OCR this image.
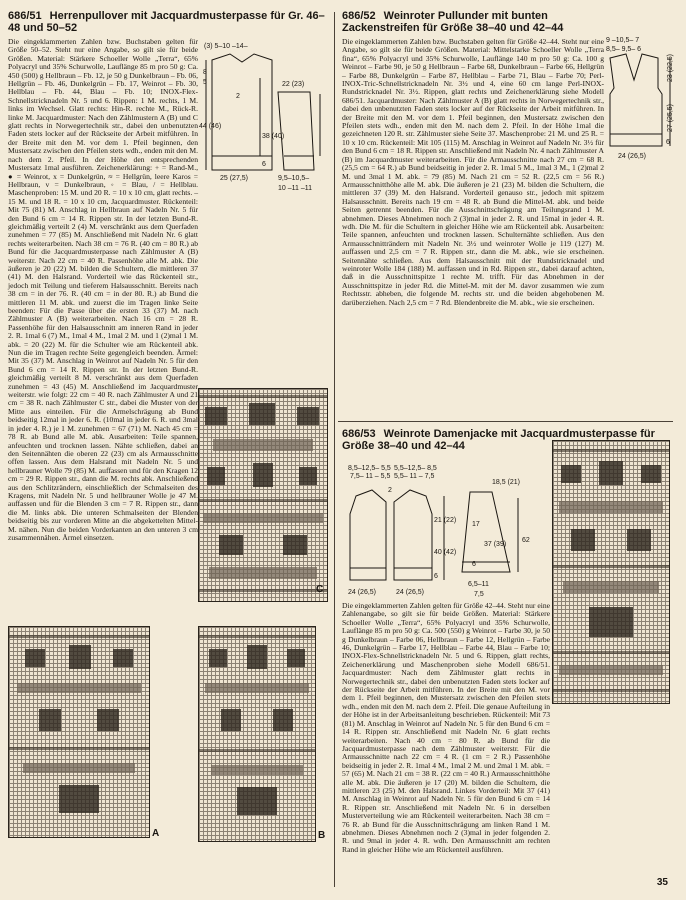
686/51 Herrenpullover mit Jacquardmusterpasse für Gr. 46–48 und 50–52

Die eingeklammerten Zahlen bzw. Buchstaben gelten für Größe 50–52. Steht nur eine Angabe, so gilt sie für beide Größen. Material: Stärkere Schoeller Wolle „Terra“, 65% Polyacryl und 35% Schurwolle, Lauflänge 85 m pro 50 g: Ca. 450 (500) g Hellbraun – Fb. 12, je 50 g Dunkelbraun – Fb. 06, Hellgrün – Fb. 46, Dunkelgrün – Fb. 17, Weinrot – Fb. 30, Hellblau – Fb. 44, Blau – Fb. 10; INOX-Flex-Schnellstricknadeln Nr. 5 und 6. Rippen: 1 M. rechts, 1 M. links im Wechsel. Glatt rechts: Hin-R. rechte M., Rück-R. linke M. Jacquardmuster: Nach den Zählmustern A (B) und C glatt rechts in Norwegertechnik str., dabei den unbenutzten Faden stets locker auf der Rückseite der Arbeit mitführen. In der Breite mit den M. vor dem 1. Pfeil beginnen, den Mustersatz zwischen den Pfeilen stets wdh., enden mit den M. nach dem 2. Pfeil. In der Höhe den entsprechenden Mustersatz 1mal ausführen. Zeichenerklärung: + = Rand-M., ● = Weinrot, x = Dunkelgrün, ≈ = Hellgrün, leere Karos = Hellbraun, v = Dunkelbraun, ◦ = Blau, / = Hellblau. Maschenproben: 15 M. und 20 R. = 10 x 10 cm, glatt rechts. – 15 M. und 18 R. = 10 x 10 cm, Jacquardmuster. Rückenteil: Mit 75 (81) M. Anschlag in Hellbraun auf Nadeln Nr. 5 für den Bund 6 cm = 14 R. Rippen str. In der letzten Bund-R. gleichmäßig verteilt 2 (4) M. verschränkt aus dem Querfaden zunehmen = 77 (85) M. Anschließend mit Nadeln Nr. 6 glatt rechts weiterarbeiten. Nach 38 cm = 76 R. (40 cm = 80 R.) ab Bund für die Jacquardmusterpasse nach Zählmuster A (B) weiterstr. Nach 22 cm = 40 R. Passenhöhe alle M. abk. Die äußeren je 20 (22) M. bilden die Schultern, die mittleren 37 (41) M. den Halsrand. Vorderteil wie das Rückenteil str., jedoch mit Teilung und tieferem Halsausschnitt. Bereits nach 38 cm = in der 76. R. (40 cm = in der 80. R.) ab Bund die mittleren 11 M. abk. und zuerst die im Tragen linke Seite beenden: Für die Passe über die ersten 33 (37) M. nach Zählmuster A (B) weiterarbeiten. Nach 16 cm = 28 R. Passenhöhe für den Halsausschnitt am inneren Rand in jeder 2. R. 1mal 6 (7) M., 1mal 4 M., 1mal 2 M. und 1 (2)mal 1 M. abk. = 20 (22) M. für die Schulter wie am Rückenteil abk. Nun die im Tragen rechte Seite gegengleich beenden. Ärmel: Mit 35 (37) M. Anschlag in Weinrot auf Nadeln Nr. 5 für den Bund 6 cm = 14 R. Rippen str. In der letzten Bund-R. gleichmäßig verteilt 8 M. verschränkt aus dem Querfaden zunehmen = 43 (45) M. Anschließend im Jacquardmuster weiterstr. wie folgt: 22 cm = 40 R. nach Zählmuster A und 21 cm = 38 R. nach Zählmuster C str., dabei die Muster von der Mitte aus einteilen. Für die Armelschrägung ab Bund beidseitig 12mal in jeder 6. R. (10mal in jeder 6. R. und 3mal in jeder 4. R.) je 1 M. zunehmen = 67 (71) M. Nach 45 cm = 78 R. ab Bund alle M. abk. Ausarbeiten: Teile spannen, anfeuchten und trocknen lassen. Nähte schließen, dabei an den Seitennähten die oberen 22 (23) cm als Armausschnitte offen lassen. Aus dem Halsrand mit Nadeln Nr. 5 und hellbrauner Wolle 79 (85) M. auffassen und für den Kragen 12 cm = 29 R. Rippen str., dann die M. rechts abk. Anschließend aus den Schlitzrändern, einschließlich der Schmalseiten des Kragens, mit Nadeln Nr. 5 und hellbrauner Wolle je 47 M. auffassen und für die Blenden 3 cm = 7 R. Rippen str., dann die M. links abk. Die unteren Schmalseiten der Blenden beidseitig bis zur vorderen Mitte an die abgekettelten Mittel-M. nähen. Nun die beiden Vorderkanten an den unteren 3 cm zusammennähen. Ärmel einsetzen.

(3) 5–10 –14–
8
5	22 (23)
2
38 (40)
44 (46)
6
25 (27,5)	9,5–10,5–
10 –11 –11
C
A	B
686/52 Weinroter Pullunder mit bunten Zackenstreifen für Größe 38–40 und 42–44

Die eingeklammerten Zahlen bzw. Buchstaben gelten für Größe 42–44. Steht nur eine Angabe, so gilt sie für beide Größen. Material: Mittelstarke Schoeller Wolle „Terra fina“, 65% Polyacryl und 35% Schurwolle, Lauflänge 140 m pro 50 g: Ca. 100 g Weinrot – Farbe 90, je 50 g Hellbraun – Farbe 68, Dunkelbraun – Farbe 66, Hellgrün – Farbe 88, Dunkelgrün – Farbe 87, Hellblau – Farbe 71, Blau – Farbe 70; Perl-INOX-Tric-Schnellstricknadeln Nr. 3½ und 4, eine 60 cm lange Perl-INOX-Rundstricknadel Nr. 3½. Rippen, glatt rechts und Zeichenerklärung siehe Modell 686/51. Jacquardmuster: Nach Zählmuster A (B) glatt rechts in Norwegertechnik str., dabei den unbenutzten Faden stets locker auf der Rückseite der Arbeit mitführen. In der Breite mit den M. vor dem 1. Pfeil beginnen, den Mustersatz zwischen den Pfeilen stets wdh., enden mit den M. nach dem 2. Pfeil. In der Höhe 1mal die gezeichneten 120 R. str. Zählmuster siehe Seite 37. Maschenprobe: 21 M. und 25 R. = 10 x 10 cm. Rückenteil: Mit 105 (115) M. Anschlag in Weinrot auf Nadeln Nr. 3½ für den Bund 6 cm = 18 R. Rippen str. Anschließend mit Nadeln Nr. 4 nach Zählmuster A (B) im Jacquardmuster weiterarbeiten. Für die Armausschnitte nach 27 cm = 68 R. (25,5 cm = 64 R.) ab Bund beidseitig in jeder 2. R. 1mal 5 M., 1mal 3 M., 1 (2)mal 2 M. und 3mal 1 M. abk. = 79 (85) M. Nach 21 cm = 52 R. (22,5 cm = 56 R.) Armausschnitthöhe alle M. abk. Die äußeren je 21 (23) M. bilden die Schultern, die mittleren 37 (39) M. den Halsrand. Vorderteil genauso str., jedoch mit spitzem Halsausschnitt. Bereits nach 19 cm = 48 R. ab Bund die Mittel-M. abk. und beide Seiten getrennt beenden. Für die Ausschnittschrägung am Teilungsrand 1 M. abnehmen. Dieses Abnehmen noch 2 (3)mal in jeder 2. R. und 15mal in jeder 4. R. wdh. Die M. für die Schultern in gleicher Höhe wie am Rückenteil abk. Ausarbeiten: Teile spannen, anfeuchten und trocknen lassen. Schulternähte schließen. Aus den Armausschnitträndern mit Nadeln Nr. 3½ und weinroter Wolle je 119 (127) M. auffassen und 2,5 cm = 7 R. Rippen str., dann die M. abk., wie sie erscheinen. Seitennähte schließen. Aus dem Halsausschnitt mit der Rundstricknadel und weinroter Wolle 184 (188) M. auffassen und in Rd. Rippen str., dabei darauf achten, daß in die Ausschnittspitze 1 rechte M. trifft. Für das Abnehmen in der Ausschnittspitze in jeder Rd. die Mittel-M. mit der M. davor zusammen wie zum Rechtsstr. abheben, die folgende M. rechts str. und die beiden abgehobenen M. darüberziehen. Nach 2,5 cm = 7 Rd. Blendenbreite die M. abk., wie sie erscheinen.

9 –10,5– 7
8,5– 9,5– 6
23 (22,5)
27 (25,5)
6
24 (26,5)
686/53 Weinrote Damenjacke mit Jacquardmusterpasse für Größe 38–40 und 42–44
8,5–12,5– 5,5
7,5– 11 – 5,5
5,5–12,5– 8,5
5,5– 11 – 7,5
2
21 (22)
40 (42)
6
24 (26,5)	24 (26,5)
18,5 (21)
17
6
37 (39)
62
6,5–11
7,5

Die eingeklammerten Zahlen gelten für Größe 42–44. Steht nur eine Zahlenangabe, so gilt sie für beide Größen. Material: Stärkere Schoeller Wolle „Terra“, 65% Polyacryl und 35% Schurwolle, Lauflänge 85 m pro 50 g: Ca. 500 (550) g Weinrot – Farbe 30, je 50 g Dunkelbraun – Farbe 06, Hellbraun – Farbe 12, Hellgrün – Farbe 46, Dunkelgrün – Farbe 17, Hellblau – Farbe 44, Blau – Farbe 10; INOX-Flex-Schnellstricknadeln Nr. 5 und 6. Rippen, glatt rechts, Zeichenerklärung und Maschenproben siehe Modell 686/51. Jacquardmuster: Nach dem Zählmuster glatt rechts in Norwegertechnik str., dabei den unbenutzten Faden stets locker auf der Rückseite der Arbeit mitführen. In der Breite mit den M. vor dem 1. Pfeil beginnen, den Mustersatz zwischen den Pfeilen stets wdh., enden mit den M. nach dem 2. Pfeil. Die genaue Aufteilung in der Höhe ist in der Arbeitsanleitung beschrieben. Rückenteil: Mit 73 (81) M. Anschlag in Weinrot auf Nadeln Nr. 5 für den Bund 6 cm = 14 R. Rippen str. Anschließend mit Nadeln Nr. 6 glatt rechts weiterarbeiten. Nach 40 cm = 80 R. ab Bund für die Jacquardmusterpasse nach dem Zählmuster weiterstr. Für die Armausschnitte nach 22 cm = 4 R. (1 cm = 2 R.) Passenhöhe beidseitig in jeder 2. R. 1mal 4 M., 1mal 2 M. und 2mal 1 M. abk. = 57 (65) M. Nach 21 cm = 38 R. (22 cm = 40 R.) Armausschnitthöhe alle M. abk. Die äußeren je 17 (20) M. bilden die Schultern, die mittleren 23 (25) M. den Halsrand. Linkes Vorderteil: Mit 37 (41) M. Anschlag in Weinrot auf Nadeln Nr. 5 für den Bund 6 cm = 14 R. Rippen str. Anschließend mit Nadeln Nr. 6 in derselben Musterverteilung wie am Rückenteil weiterarbeiten. Nach 38 cm = 76 R. ab Bund für die Ausschnittschrägung am linken Rand 1 M. abnehmen. Dieses Abnehmen noch 2 (3)mal in jeder folgenden 2. R. und 9mal in jeder 4. R. wdh. Den Armausschnitt am rechten Rand in gleicher Höhe wie am Rückenteil ausführen.

35
